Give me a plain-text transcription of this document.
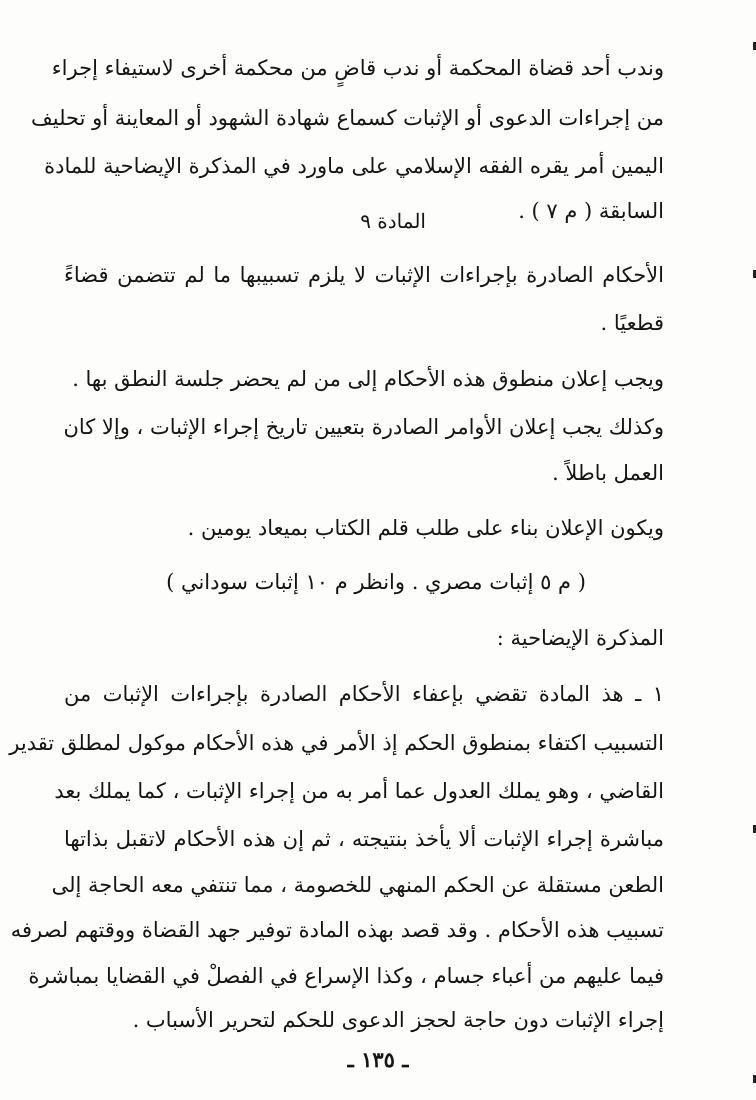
وندب أحد قضاة المحكمة أو ندب قاضٍ من محكمة أخرى لاستيفاء إجراء
من إجراءات الدعوى أو الإثبات كسماع شهادة الشهود أو المعاينة أو تحليف
اليمين أمر يقره الفقه الإسلامي على ماورد في المذكرة الإيضاحية للمادة
السابقة ( م ٧ ) .
المادة ٩
الأحكام الصادرة بإجراءات الإثبات لا يلزم تسبيبها ما لم تتضمن قضاءً
قطعيًا .
ويجب إعلان منطوق هذه الأحكام إلى من لم يحضر جلسة النطق بها .
وكذلك يجب إعلان الأوامر الصادرة بتعيين تاريخ إجراء الإثبات ، وإلا كان
العمل باطلاً .
ويكون الإعلان بناء على طلب قلم الكتاب بميعاد يومين .
( م ٥ إثبات مصري . وانظر م ١٠ إثبات سوداني )
المذكرة الإيضاحية :
١ ـ هذ المادة تقضي بإعفاء الأحكام الصادرة بإجراءات الإثبات من
التسبيب اكتفاء بمنطوق الحكم إذ الأمر في هذه الأحكام موكول لمطلق تقدير
القاضي ، وهو يملك العدول عما أمر به من إجراء الإثبات ، كما يملك بعد
مباشرة إجراء الإثبات ألا يأخذ بنتيجته ، ثم إن هذه الأحكام لاتقبل بذاتها
الطعن مستقلة عن الحكم المنهي للخصومة ، مما تنتفي معه الحاجة إلى
تسبيب هذه الأحكام . وقد قصد بهذه المادة توفير جهد القضاة ووقتهم لصرفه
فيما عليهم من أعباء جسام ، وكذا الإسراع في الفصلْ في القضايا بمباشرة
إجراء الإثبات دون حاجة لحجز الدعوى للحكم لتحرير الأسباب .
ـ ١٣٥ ـ
